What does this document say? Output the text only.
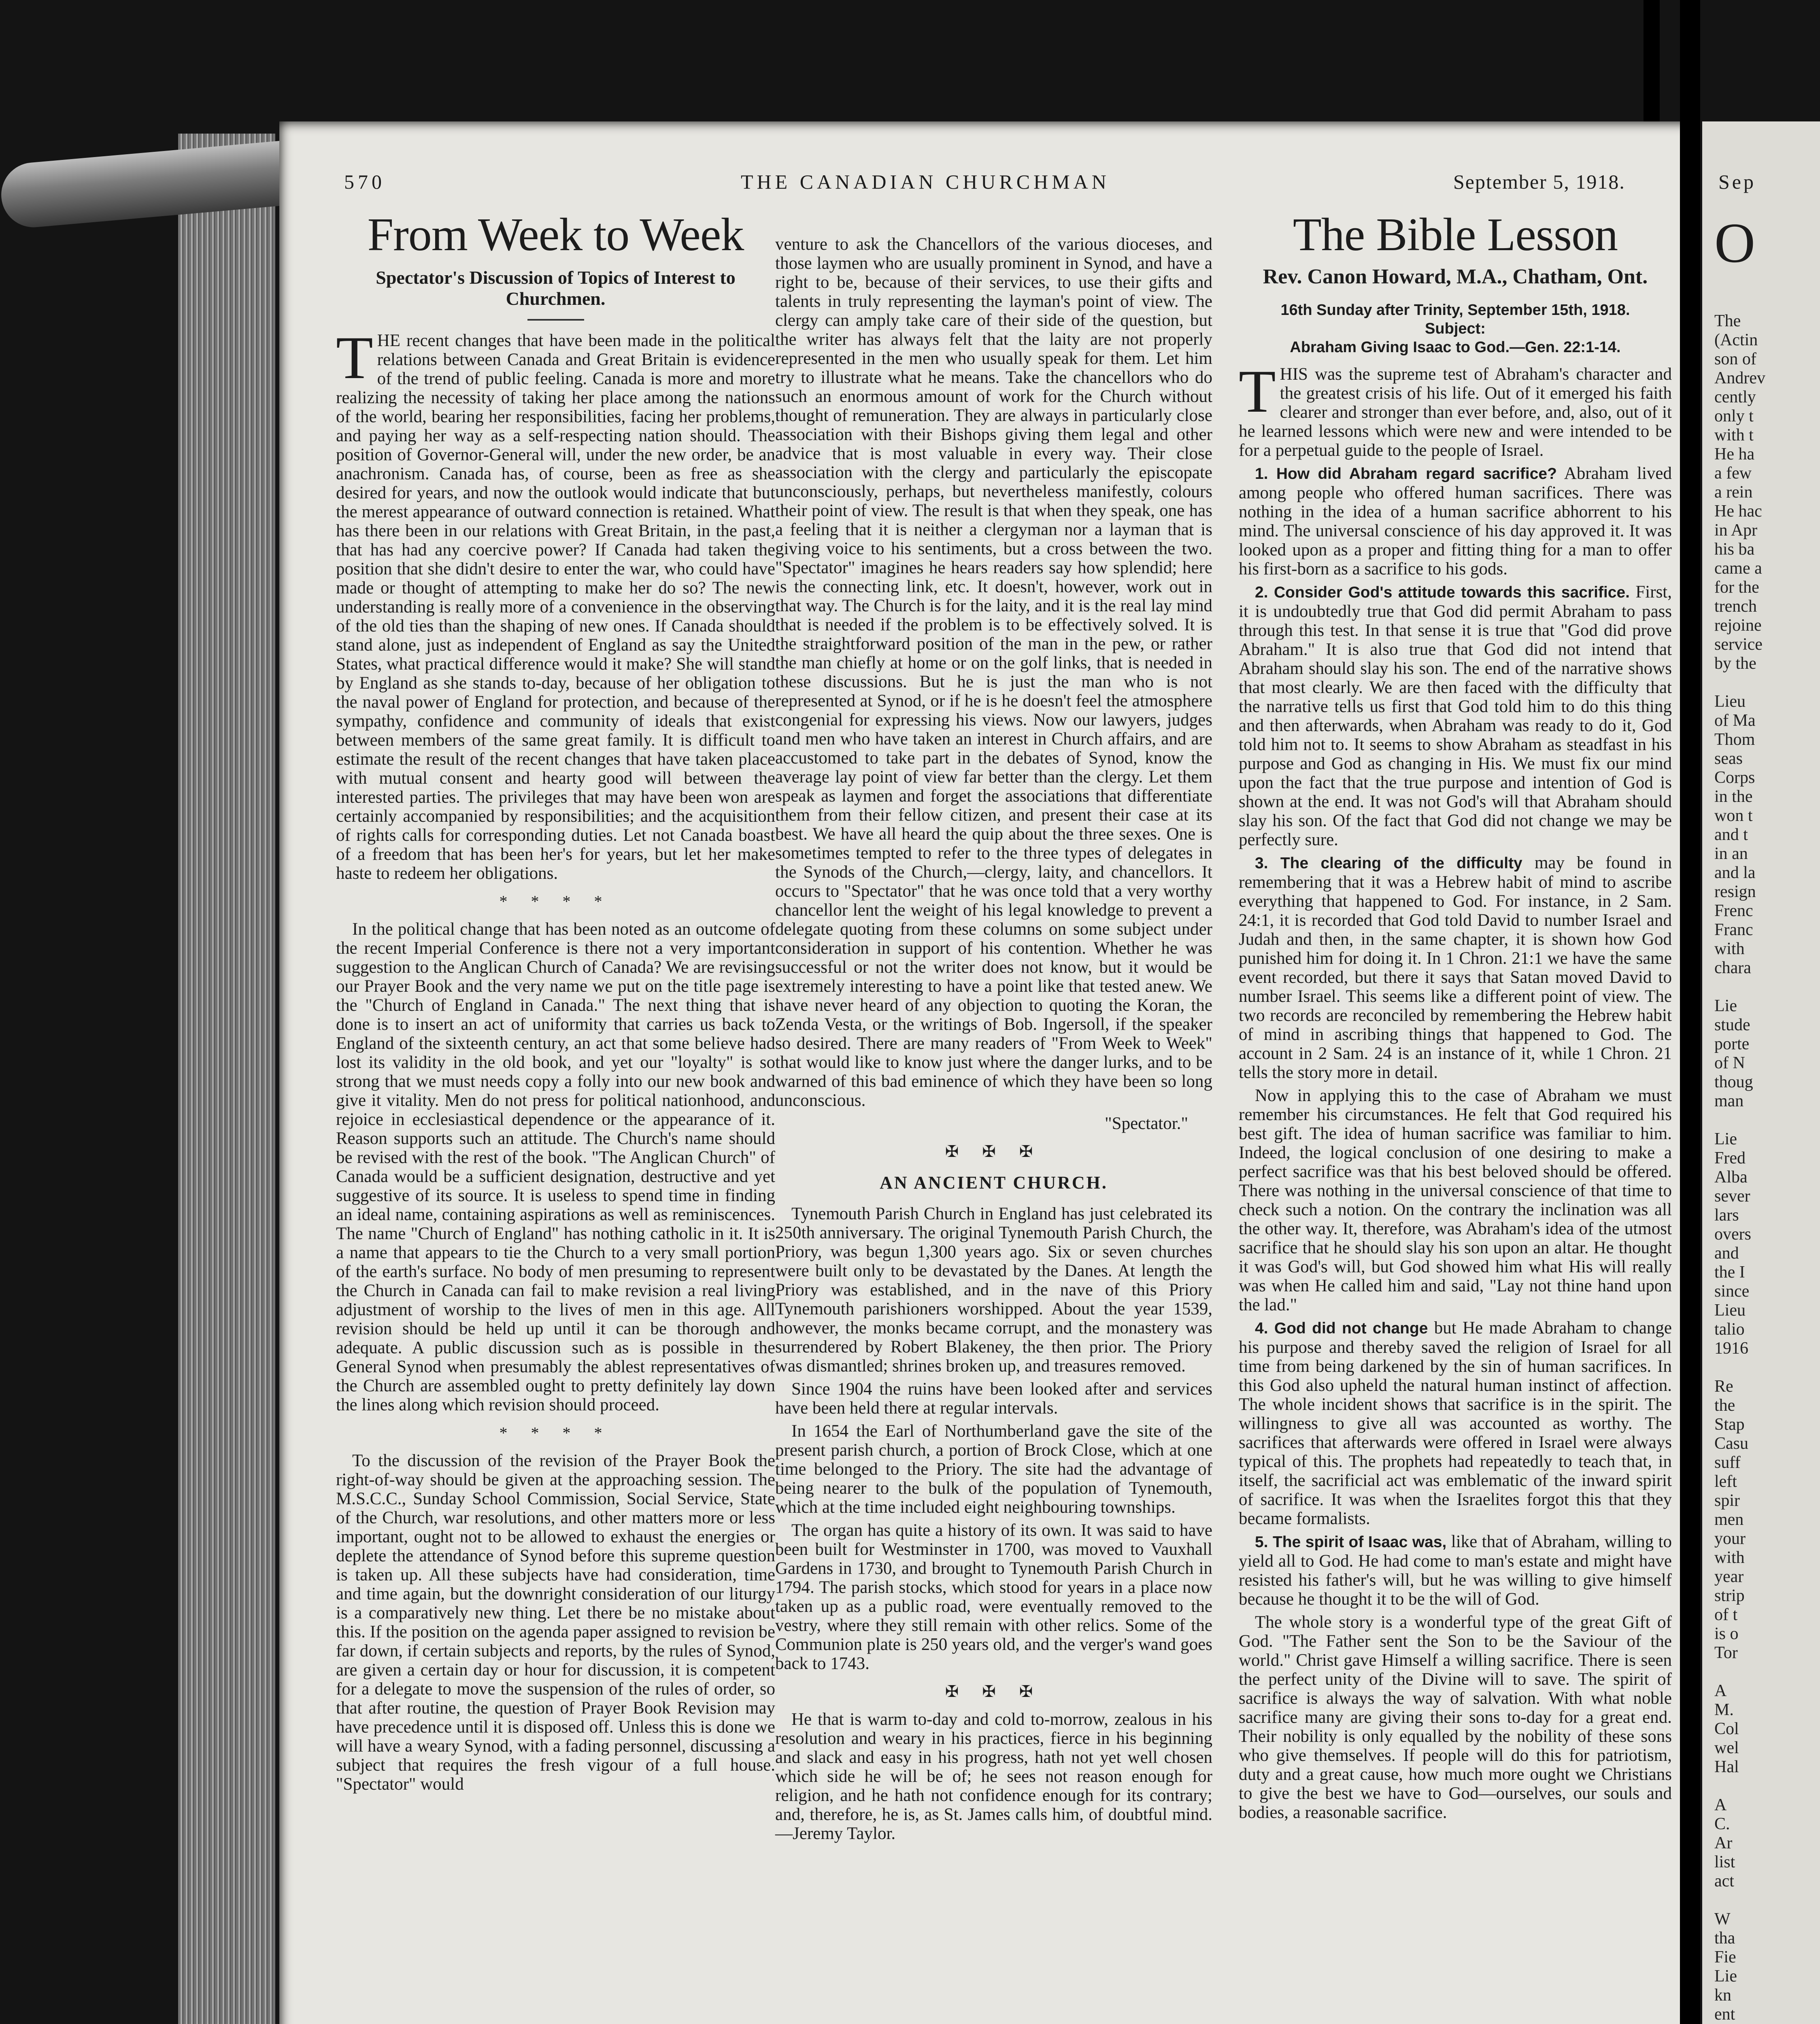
570	THE CANADIAN CHURCHMAN	September 5, 1918.
From Week to Week
Spectator's Discussion of Topics of Interest to Churchmen.

THE recent changes that have been made in the political relations between Canada and Great Britain is evidence of the trend of public feeling. Canada is more and more realizing the necessity of taking her place among the nations of the world, bearing her responsibilities, facing her problems, and paying her way as a self-respecting nation should. The position of Governor-General will, under the new order, be an anachronism. Canada has, of course, been as free as she desired for years, and now the outlook would indicate that but the merest appearance of outward connection is retained. What has there been in our relations with Great Britain, in the past, that has had any coercive power? If Canada had taken the position that she didn't desire to enter the war, who could have made or thought of attempting to make her do so? The new understanding is really more of a convenience in the observing of the old ties than the shaping of new ones. If Canada should stand alone, just as independent of England as say the United States, what practical difference would it make? She will stand by England as she stands to-day, because of her obligation to the naval power of England for protection, and because of the sympathy, confidence and community of ideals that exist between members of the same great family. It is difficult to estimate the result of the recent changes that have taken place with mutual consent and hearty good will between the interested parties. The privileges that may have been won are certainly accompanied by responsibilities; and the acquisition of rights calls for corresponding duties. Let not Canada boast of a freedom that has been her's for years, but let her make haste to redeem her obligations.

* * * *

In the political change that has been noted as an outcome of the recent Imperial Conference is there not a very important suggestion to the Anglican Church of Canada? We are revising our Prayer Book and the very name we put on the title page is the "Church of England in Canada." The next thing that is done is to insert an act of uniformity that carries us back to England of the sixteenth century, an act that some believe had lost its validity in the old book, and yet our "loyalty" is so strong that we must needs copy a folly into our new book and give it vitality. Men do not press for political nationhood, and rejoice in ecclesiastical dependence or the appearance of it. Reason supports such an attitude. The Church's name should be revised with the rest of the book. "The Anglican Church" of Canada would be a sufficient designation, destructive and yet suggestive of its source. It is useless to spend time in finding an ideal name, containing aspirations as well as reminiscences. The name "Church of England" has nothing catholic in it. It is a name that appears to tie the Church to a very small portion of the earth's surface. No body of men presuming to represent the Church in Canada can fail to make revision a real living adjustment of worship to the lives of men in this age. All revision should be held up until it can be thorough and adequate. A public discussion such as is possible in the General Synod when presumably the ablest representatives of the Church are assembled ought to pretty definitely lay down the lines along which revision should proceed.

* * * *

To the discussion of the revision of the Prayer Book the right-of-way should be given at the approaching session. The M.S.C.C., Sunday School Commission, Social Service, State of the Church, war resolutions, and other matters more or less important, ought not to be allowed to exhaust the energies or deplete the attendance of Synod before this supreme question is taken up. All these subjects have had consideration, time and time again, but the downright consideration of our liturgy is a comparatively new thing. Let there be no mistake about this. If the position on the agenda paper assigned to revision be far down, if certain subjects and reports, by the rules of Synod, are given a certain day or hour for discussion, it is competent for a delegate to move the suspension of the rules of order, so that after routine, the question of Prayer Book Revision may have precedence until it is disposed off. Unless this is done we will have a weary Synod, with a fading personnel, discussing a subject that requires the fresh vigour of a full house. "Spectator" would

venture to ask the Chancellors of the various dioceses, and those laymen who are usually prominent in Synod, and have a right to be, because of their services, to use their gifts and talents in truly representing the layman's point of view. The clergy can amply take care of their side of the question, but the writer has always felt that the laity are not properly represented in the men who usually speak for them. Let him try to illustrate what he means. Take the chancellors who do such an enormous amount of work for the Church without thought of remuneration. They are always in particularly close association with their Bishops giving them legal and other advice that is most valuable in every way. Their close association with the clergy and particularly the episcopate unconsciously, perhaps, but nevertheless manifestly, colours their point of view. The result is that when they speak, one has a feeling that it is neither a clergyman nor a layman that is giving voice to his sentiments, but a cross between the two. "Spectator" imagines he hears readers say how splendid; here is the connecting link, etc. It doesn't, however, work out in that way. The Church is for the laity, and it is the real lay mind that is needed if the problem is to be effectively solved. It is the straightforward position of the man in the pew, or rather the man chiefly at home or on the golf links, that is needed in these discussions. But he is just the man who is not represented at Synod, or if he is he doesn't feel the atmosphere congenial for expressing his views. Now our lawyers, judges and men who have taken an interest in Church affairs, and are accustomed to take part in the debates of Synod, know the average lay point of view far better than the clergy. Let them speak as laymen and forget the associations that differentiate them from their fellow citizen, and present their case at its best. We have all heard the quip about the three sexes. One is sometimes tempted to refer to the three types of delegates in the Synods of the Church,—clergy, laity, and chancellors. It occurs to "Spectator" that he was once told that a very worthy chancellor lent the weight of his legal knowledge to prevent a delegate quoting from these columns on some subject under consideration in support of his contention. Whether he was successful or not the writer does not know, but it would be extremely interesting to have a point like that tested anew. We have never heard of any objection to quoting the Koran, the Zenda Vesta, or the writings of Bob. Ingersoll, if the speaker so desired. There are many readers of "From Week to Week" that would like to know just where the danger lurks, and to be warned of this bad eminence of which they have been so long unconscious.

"Spectator."
✠ ✠ ✠
AN ANCIENT CHURCH.

Tynemouth Parish Church in England has just celebrated its 250th anniversary. The original Tynemouth Parish Church, the Priory, was begun 1,300 years ago. Six or seven churches were built only to be devastated by the Danes. At length the Priory was established, and in the nave of this Priory Tynemouth parishioners worshipped. About the year 1539, however, the monks became corrupt, and the monastery was surrendered by Robert Blakeney, the then prior. The Priory was dismantled; shrines broken up, and treasures removed.

Since 1904 the ruins have been looked after and services have been held there at regular intervals.

In 1654 the Earl of Northumberland gave the site of the present parish church, a portion of Brock Close, which at one time belonged to the Priory. The site had the advantage of being nearer to the bulk of the population of Tynemouth, which at the time included eight neighbouring townships.

The organ has quite a history of its own. It was said to have been built for Westminster in 1700, was moved to Vauxhall Gardens in 1730, and brought to Tynemouth Parish Church in 1794. The parish stocks, which stood for years in a place now taken up as a public road, were eventually removed to the vestry, where they still remain with other relics. Some of the Communion plate is 250 years old, and the verger's wand goes back to 1743.

✠ ✠ ✠

He that is warm to-day and cold to-morrow, zealous in his resolution and weary in his practices, fierce in his beginning and slack and easy in his progress, hath not yet well chosen which side he will be of; he sees not reason enough for religion, and he hath not confidence enough for its contrary; and, therefore, he is, as St. James calls him, of doubtful mind.—Jeremy Taylor.

The Bible Lesson
Rev. Canon Howard, M.A., Chatham, Ont.
16th Sunday after Trinity, September 15th, 1918.
Subject:
Abraham Giving Isaac to God.—Gen. 22:1-14.

THIS was the supreme test of Abraham's character and the greatest crisis of his life. Out of it emerged his faith clearer and stronger than ever before, and, also, out of it he learned lessons which were new and were intended to be for a perpetual guide to the people of Israel.

1. How did Abraham regard sacrifice? Abraham lived among people who offered human sacrifices. There was nothing in the idea of a human sacrifice abhorrent to his mind. The universal conscience of his day approved it. It was looked upon as a proper and fitting thing for a man to offer his first-born as a sacrifice to his gods.

2. Consider God's attitude towards this sacrifice. First, it is undoubtedly true that God did permit Abraham to pass through this test. In that sense it is true that "God did prove Abraham." It is also true that God did not intend that Abraham should slay his son. The end of the narrative shows that most clearly. We are then faced with the difficulty that the narrative tells us first that God told him to do this thing and then afterwards, when Abraham was ready to do it, God told him not to. It seems to show Abraham as steadfast in his purpose and God as changing in His. We must fix our mind upon the fact that the true purpose and intention of God is shown at the end. It was not God's will that Abraham should slay his son. Of the fact that God did not change we may be perfectly sure.

3. The clearing of the difficulty may be found in remembering that it was a Hebrew habit of mind to ascribe everything that happened to God. For instance, in 2 Sam. 24:1, it is recorded that God told David to number Israel and Judah and then, in the same chapter, it is shown how God punished him for doing it. In 1 Chron. 21:1 we have the same event recorded, but there it says that Satan moved David to number Israel. This seems like a different point of view. The two records are reconciled by remembering the Hebrew habit of mind in ascribing things that happened to God. The account in 2 Sam. 24 is an instance of it, while 1 Chron. 21 tells the story more in detail.

Now in applying this to the case of Abraham we must remember his circumstances. He felt that God required his best gift. The idea of human sacrifice was familiar to him. Indeed, the logical conclusion of one desiring to make a perfect sacrifice was that his best beloved should be offered. There was nothing in the universal conscience of that time to check such a notion. On the contrary the inclination was all the other way. It, therefore, was Abraham's idea of the utmost sacrifice that he should slay his son upon an altar. He thought it was God's will, but God showed him what His will really was when He called him and said, "Lay not thine hand upon the lad."

4. God did not change but He made Abraham to change his purpose and thereby saved the religion of Israel for all time from being darkened by the sin of human sacrifices. In this God also upheld the natural human instinct of affection. The whole incident shows that sacrifice is in the spirit. The willingness to give all was accounted as worthy. The sacrifices that afterwards were offered in Israel were always typical of this. The prophets had repeatedly to teach that, in itself, the sacrificial act was emblematic of the inward spirit of sacrifice. It was when the Israelites forgot this that they became formalists.

5. The spirit of Isaac was, like that of Abraham, willing to yield all to God. He had come to man's estate and might have resisted his father's will, but he was willing to give himself because he thought it to be the will of God.

The whole story is a wonderful type of the great Gift of God. "The Father sent the Son to be the Saviour of the world." Christ gave Himself a willing sacrifice. There is seen the perfect unity of the Divine will to save. The spirit of sacrifice is always the way of salvation. With what noble sacrifice many are giving their sons to-day for a great end. Their nobility is only equalled by the nobility of these sons who give themselves. If people will do this for patriotism, duty and a great cause, how much more ought we Christians to give the best we have to God—ourselves, our souls and bodies, a reasonable sacrifice.

Sep
O
The
(Actin
son of
Andrev
cently
only t
with t
He ha
a few
a rein
He hac
in Apr
his ba
came a
for the
trench
rejoine
service
by the

Lieu
of Ma
Thom
seas
Corps
in the
won t
and t
in an
and la
resign
Frenc
Franc
with
chara

Lie
stude
porte
of N
thoug
man

Lie
Fred
Alba
sever
lars
overs
and
the I
since
Lieu
talio
1916

Re
the
Stap
Casu
suff
left
spir
men
your
with
year
strip
of t
is o
Tor

A
M.
Col
wel
Hal

A
C.
Ar
list
act

W
tha
Fie
Lie
kn
ent
